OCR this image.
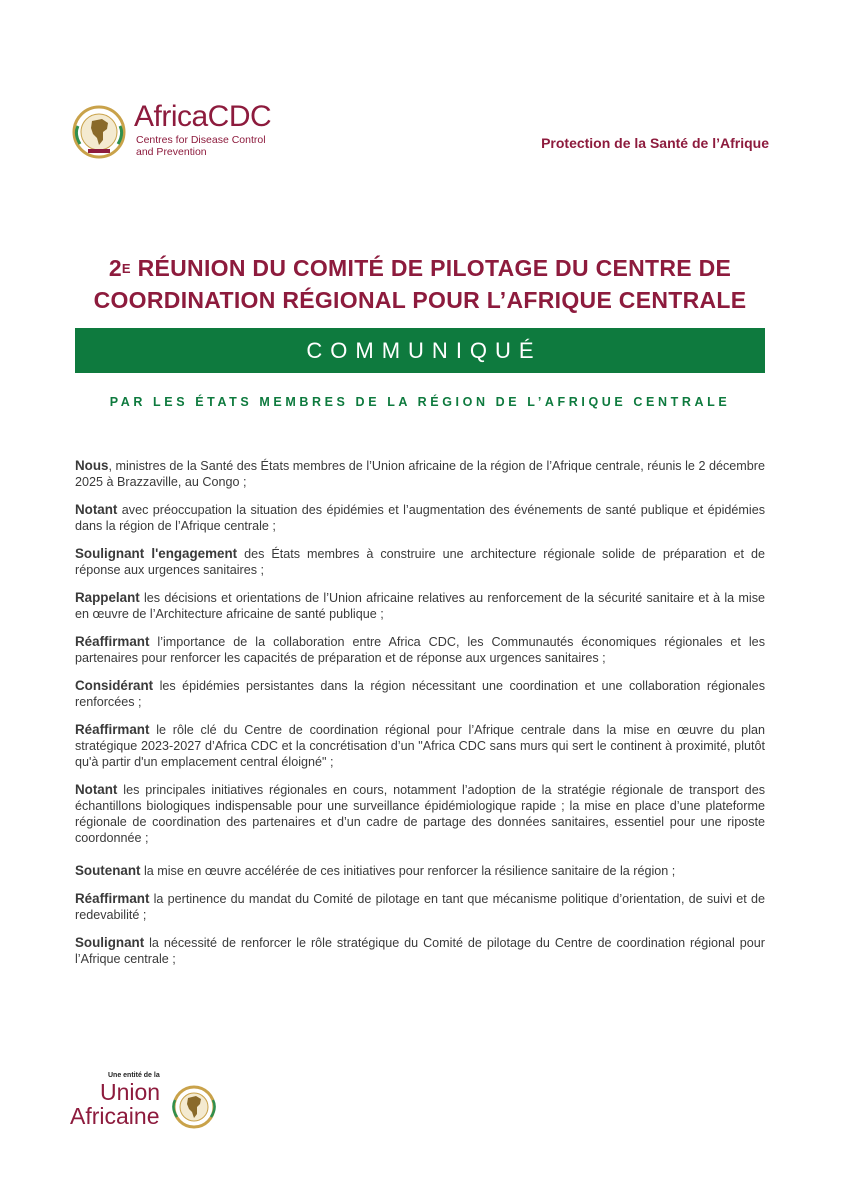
AfricaCDC
Centres for Disease Control
and Prevention
Protection de la Santé de l’Afrique
$2^E$ RÉUNION DU COMITÉ DE PILOTAGE DU CENTRE DE
COORDINATION RÉGIONAL POUR L’AFRIQUE CENTRALE
COMMUNIQUÉ
PAR LES ÉTATS MEMBRES DE LA RÉGION DE L’AFRIQUE CENTRALE

Nous, ministres de la Santé des États membres de l’Union africaine de la région de l’Afrique centrale, réunis le 2 décembre 2025 à Brazzaville, au Congo ;

Notant avec préoccupation la situation des épidémies et l’augmentation des événements de santé publique et épidémies dans la région de l’Afrique centrale ;

Soulignant l'engagement des États membres à construire une architecture régionale solide de préparation et de réponse aux urgences sanitaires ;

Rappelant les décisions et orientations de l’Union africaine relatives au renforcement de la sécurité sanitaire et à la mise en œuvre de l’Architecture africaine de santé publique ;

Réaffirmant l’importance de la collaboration entre Africa CDC, les Communautés économiques régionales et les partenaires pour renforcer les capacités de préparation et de réponse aux urgences sanitaires ;

Considérant les épidémies persistantes dans la région nécessitant une coordination et une collaboration régionales renforcées ;

Réaffirmant le rôle clé du Centre de coordination régional pour l’Afrique centrale dans la mise en œuvre du plan stratégique 2023-2027 d’Africa CDC et la concrétisation d’un "Africa CDC sans murs qui sert le continent à proximité, plutôt qu'à partir d'un emplacement central éloigné" ;

Notant les principales initiatives régionales en cours, notamment l’adoption de la stratégie régionale de transport des échantillons biologiques indispensable pour une surveillance épidémiologique rapide ; la mise en place d’une plateforme régionale de coordination des partenaires et d’un cadre de partage des données sanitaires, essentiel pour une riposte coordonnée ;

Soutenant la mise en œuvre accélérée de ces initiatives pour renforcer la résilience sanitaire de la région ;

Réaffirmant la pertinence du mandat du Comité de pilotage en tant que mécanisme politique d’orientation, de suivi et de redevabilité ;

Soulignant la nécessité de renforcer le rôle stratégique du Comité de pilotage du Centre de coordination régional pour l’Afrique centrale ;

Une entité de la
Union
Africaine
